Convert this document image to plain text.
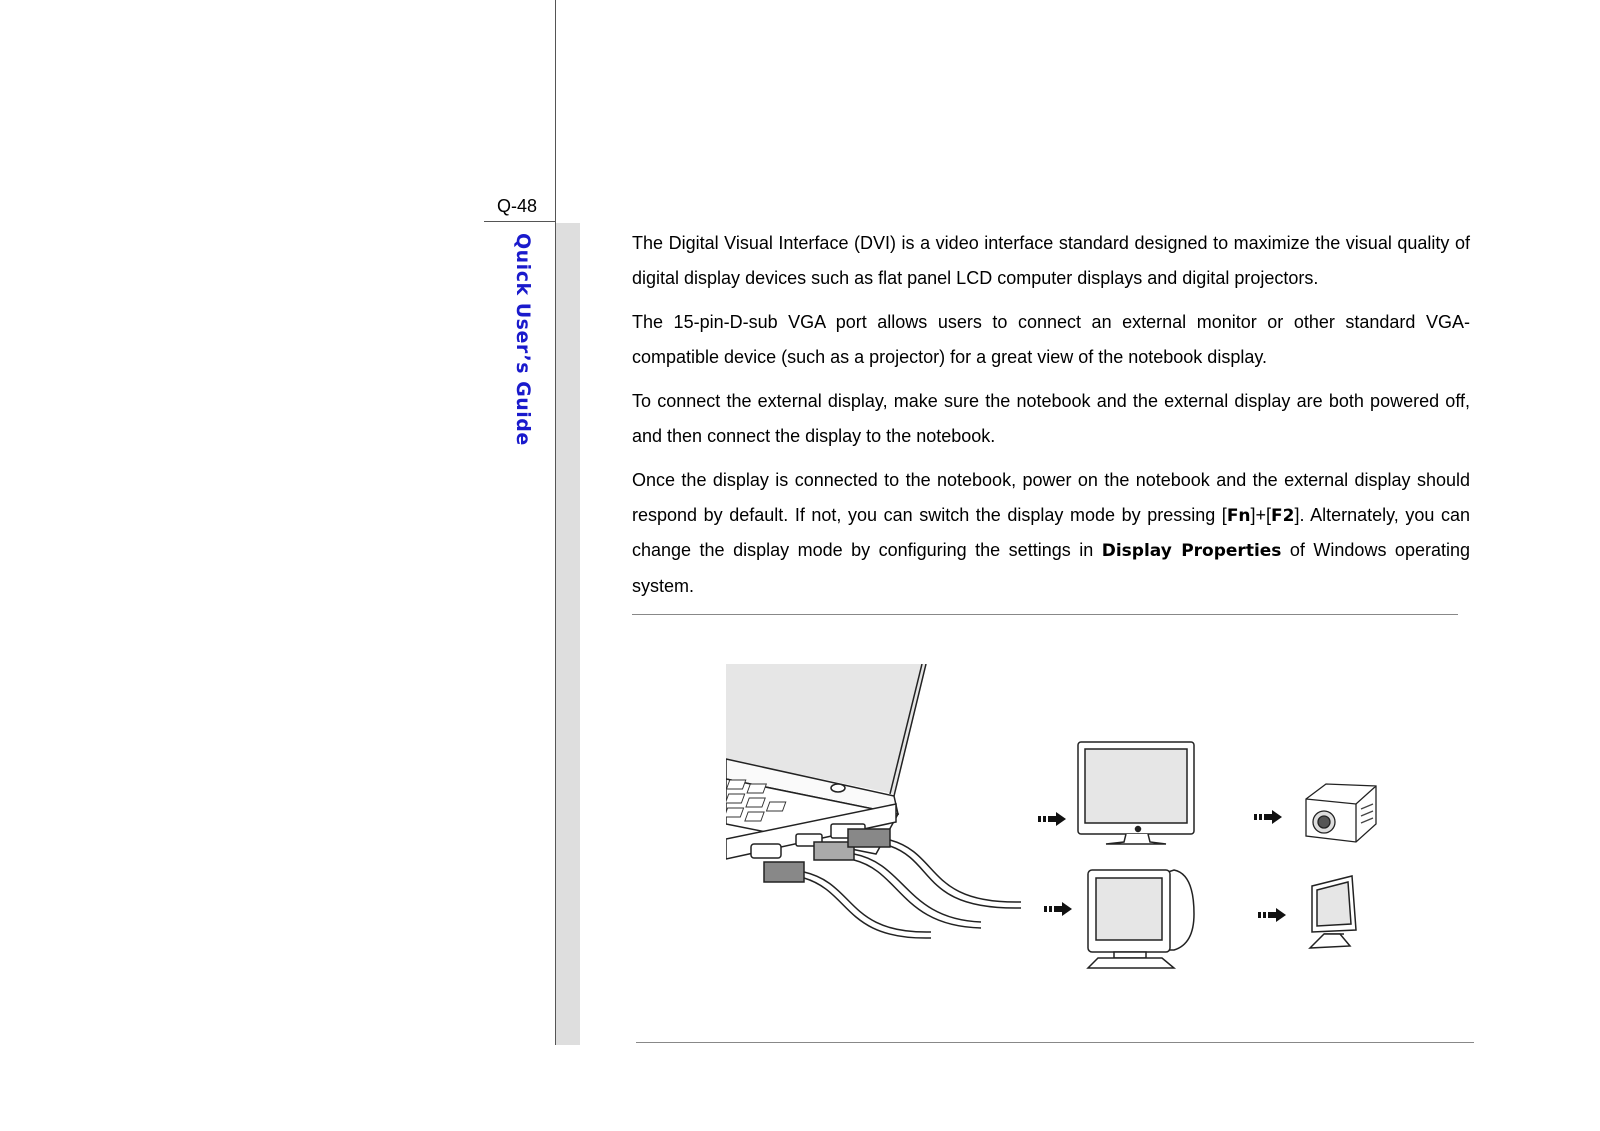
Q-48
Quick User’s Guide	The Digital Visual Interface (DVI) is a video interface standard designed to maximize the visual quality of digital display devices such as flat panel LCD computer displays and digital projectors.

The 15-pin-D-sub VGA port allows users to connect an external monitor or other standard VGA-compatible device (such as a projector) for a great view of the notebook display.

To connect the external display, make sure the notebook and the external display are both powered off, and then connect the display to the notebook.

Once the display is connected to the notebook, power on the notebook and the external display should respond by default. If not, you can switch the display mode by pressing [Fn]+[F2]. Alternately, you can change the display mode by configuring the settings in Display Properties of Windows operating system.
